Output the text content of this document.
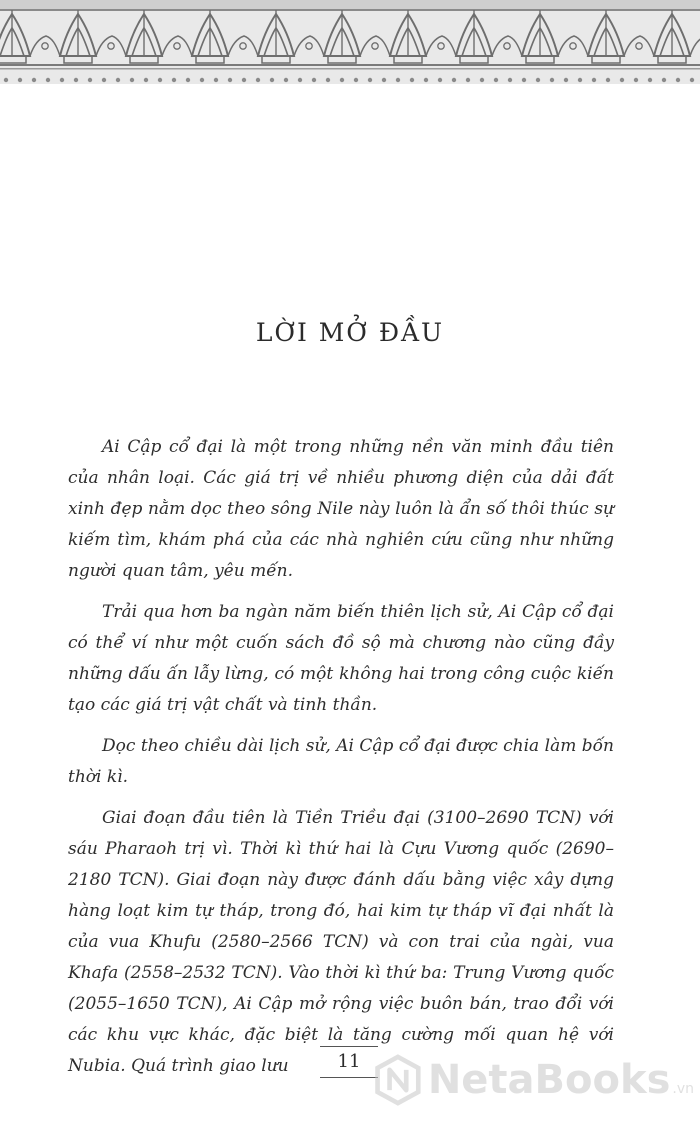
LỜI MỞ ĐẦU

Ai Cập cổ đại là một trong những nền văn minh đầu tiên của nhân loại. Các giá trị về nhiều phương diện của dải đất xinh đẹp nằm dọc theo sông Nile này luôn là ẩn số thôi thúc sự kiếm tìm, khám phá của các nhà nghiên cứu cũng như những người quan tâm, yêu mến.

Trải qua hơn ba ngàn năm biến thiên lịch sử, Ai Cập cổ đại có thể ví như một cuốn sách đồ sộ mà chương nào cũng đầy những dấu ấn lẫy lừng, có một không hai trong công cuộc kiến tạo các giá trị vật chất và tinh thần.

Dọc theo chiều dài lịch sử, Ai Cập cổ đại được chia làm bốn thời kì.

Giai đoạn đầu tiên là Tiền Triều đại (3100–2690 TCN) với sáu Pharaoh trị vì. Thời kì thứ hai là Cựu Vương quốc (2690–2180 TCN). Giai đoạn này được đánh dấu bằng việc xây dựng hàng loạt kim tự tháp, trong đó, hai kim tự tháp vĩ đại nhất là của vua Khufu (2580–2566 TCN) và con trai của ngài, vua Khafa (2558–2532 TCN). Vào thời kì thứ ba: Trung Vương quốc (2055–1650 TCN), Ai Cập mở rộng việc buôn bán, trao đổi với các khu vực khác, đặc biệt là tăng cường mối quan hệ với Nubia. Quá trình giao lưu	11	NetaBooks .vn
